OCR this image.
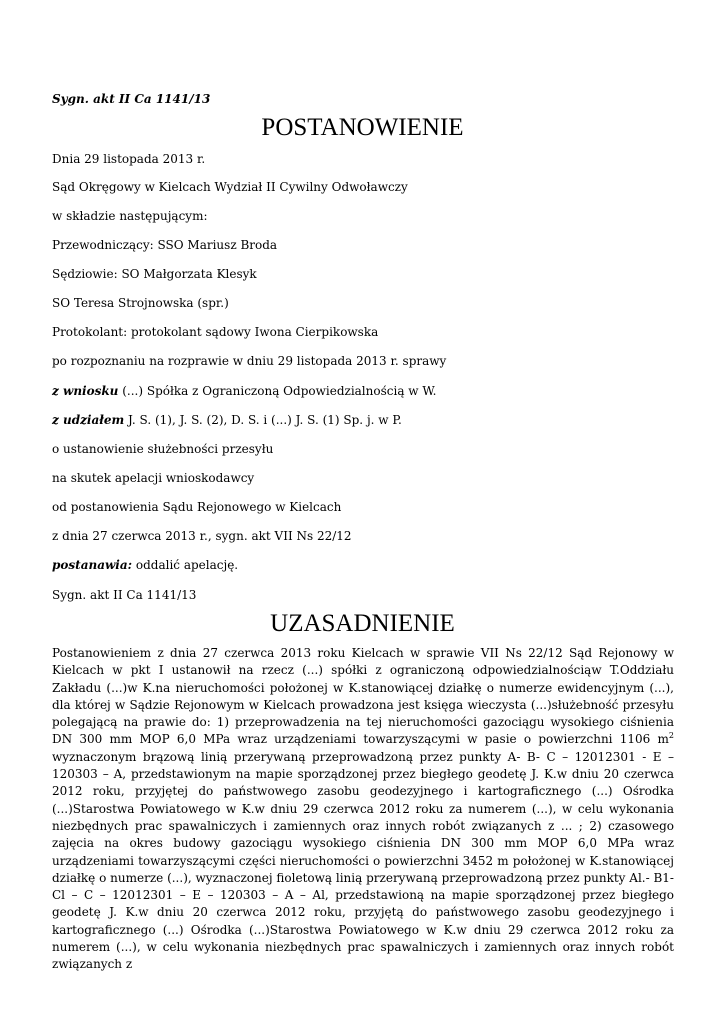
Sygn. akt II Ca 1141/13
POSTANOWIENIE
Dnia 29 listopada 2013 r.
Sąd Okręgowy w Kielcach Wydział II Cywilny Odwoławczy
w składzie następującym:
Przewodniczący: SSO Mariusz Broda
Sędziowie: SO Małgorzata Klesyk
SO Teresa Strojnowska (spr.)
Protokolant: protokolant sądowy Iwona Cierpikowska
po rozpoznaniu na rozprawie w dniu 29 listopada 2013 r. sprawy
z wniosku (...) Spółka z Ograniczoną Odpowiedzialnością w W.
z udziałem J. S. (1), J. S. (2), D. S. i (...) J. S. (1) Sp. j. w P.
o ustanowienie służebności przesyłu
na skutek apelacji wnioskodawcy
od postanowienia Sądu Rejonowego w Kielcach
z dnia 27 czerwca 2013 r., sygn. akt VII Ns 22/12
postanawia: oddalić apelację.
Sygn. akt II Ca 1141/13
UZASADNIENIE
Postanowieniem z dnia 27 czerwca 2013 roku Kielcach w sprawie VII Ns 22/12 Sąd Rejonowy w Kielcach w pkt I ustanowił na rzecz (...) spółki z ograniczoną odpowiedzialnościąw T.Oddziału Zakładu (...)w K.na nieruchomości położonej w K.stanowiącej działkę o numerze ewidencyjnym (...), dla której w Sądzie Rejonowym w Kielcach prowadzona jest księga wieczysta (...)służebność przesyłu polegającą na prawie do: 1) przeprowadzenia na tej nieruchomości gazociągu wysokiego ciśnienia DN 300 mm MOP 6,0 MPa wraz urządzeniami towarzyszącymi w pasie o powierzchni 1106 $m^2$ wyznaczonym brązową linią przerywaną przeprowadzoną przez punkty A- B- C – 12012301 - E – 120303 – A, przedstawionym na mapie sporządzonej przez biegłego geodetę J. K.w dniu 20 czerwca 2012 roku, przyjętej do państwowego zasobu geodezyjnego i kartograficznego (...) Ośrodka (...)Starostwa Powiatowego w K.w dniu 29 czerwca 2012 roku za numerem (...), w celu wykonania niezbędnych prac spawalniczych i zamiennych oraz innych robót związanych z ... ; 2) czasowego zajęcia na okres budowy gazociągu wysokiego ciśnienia DN 300 mm MOP 6,0 MPa wraz urządzeniami towarzyszącymi części nieruchomości o powierzchni 3452 m położonej w K.stanowiącej działkę o numerze (...), wyznaczonej fioletową linią przerywaną przeprowadzoną przez punkty Al.- B1-Cl – C – 12012301 – E – 120303 – A – Al, przedstawioną na mapie sporządzonej przez biegłego geodetę J. K.w dniu 20 czerwca 2012 roku, przyjętą do państwowego zasobu geodezyjnego i kartograficznego (...) Ośrodka (...)Starostwa Powiatowego w K.w dniu 29 czerwca 2012 roku za numerem (...), w celu wykonania niezbędnych prac spawalniczych i zamiennych oraz innych robót związanych z
